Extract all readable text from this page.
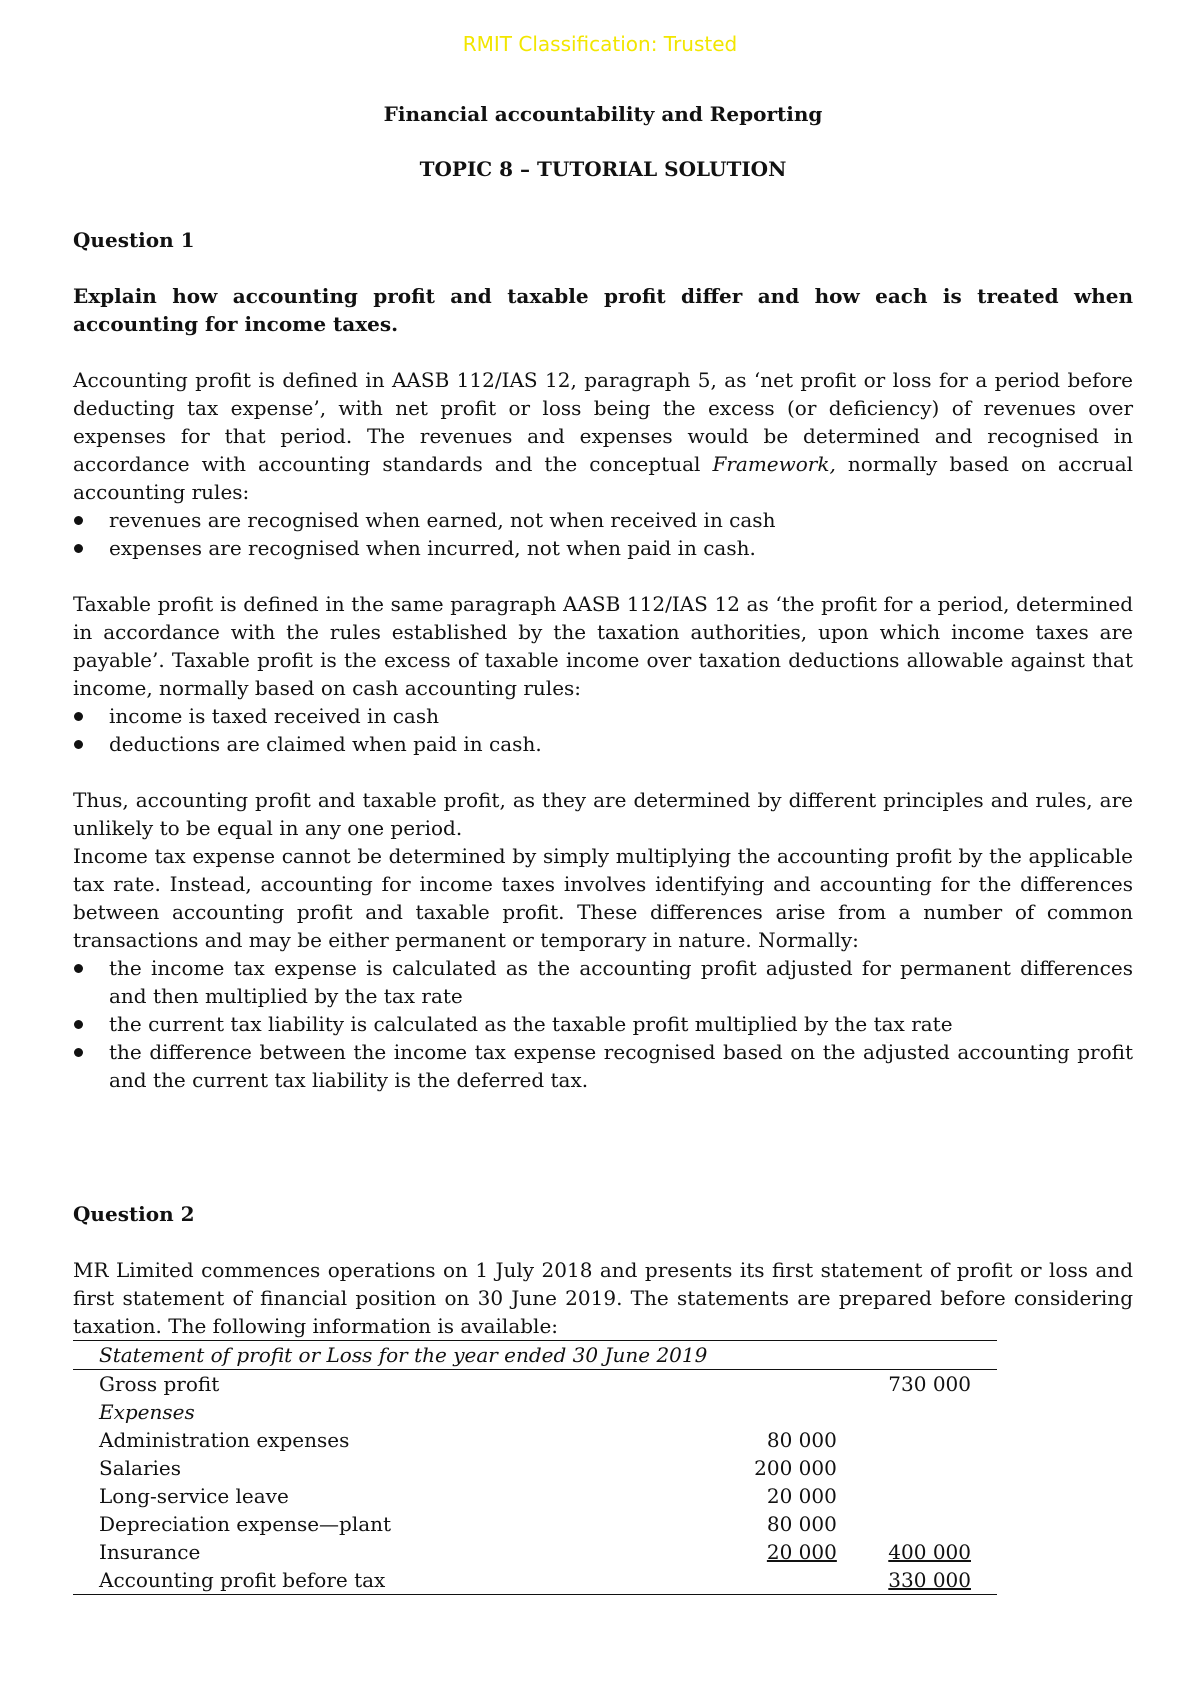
RMIT Classification: Trusted

Financial accountability and Reporting

TOPIC 8 – TUTORIAL SOLUTION

Question 1

Explain how accounting profit and taxable profit differ and how each is treated when accounting for income taxes.

Accounting profit is defined in AASB 112/IAS 12, paragraph 5, as ‘net profit or loss for a period before deducting tax expense’, with net profit or loss being the excess (or deficiency) of revenues over expenses for that period. The revenues and expenses would be determined and recognised in accordance with accounting standards and the conceptual Framework, normally based on accrual accounting rules:

revenues are recognised when earned, not when received in cash
expenses are recognised when incurred, not when paid in cash.

Taxable profit is defined in the same paragraph AASB 112/IAS 12 as ‘the profit for a period, determined in accordance with the rules established by the taxation authorities, upon which income taxes are payable’. Taxable profit is the excess of taxable income over taxation deductions allowable against that income, normally based on cash accounting rules:

income is taxed received in cash
deductions are claimed when paid in cash.

Thus, accounting profit and taxable profit, as they are determined by different principles and rules, are unlikely to be equal in any one period.

Income tax expense cannot be determined by simply multiplying the accounting profit by the applicable tax rate. Instead, accounting for income taxes involves identifying and accounting for the differences between accounting profit and taxable profit. These differences arise from a number of common transactions and may be either permanent or temporary in nature. Normally:

the income tax expense is calculated as the accounting profit adjusted for permanent differences and then multiplied by the tax rate
the current tax liability is calculated as the taxable profit multiplied by the tax rate
the difference between the income tax expense recognised based on the adjusted accounting profit and the current tax liability is the deferred tax.

Question 2

MR Limited commences operations on 1 July 2018 and presents its first statement of profit or loss and first statement of financial position on 30 June 2019. The statements are prepared before considering taxation. The following information is available:

Statement of profit or Loss for the year ended 30 June 2019		
Gross profit		730 000
Expenses		
Administration expenses	80 000	
Salaries	200 000	
Long-service leave	20 000	
Depreciation expense—plant	80 000	
Insurance	20 000	400 000
Accounting profit before tax		330 000
